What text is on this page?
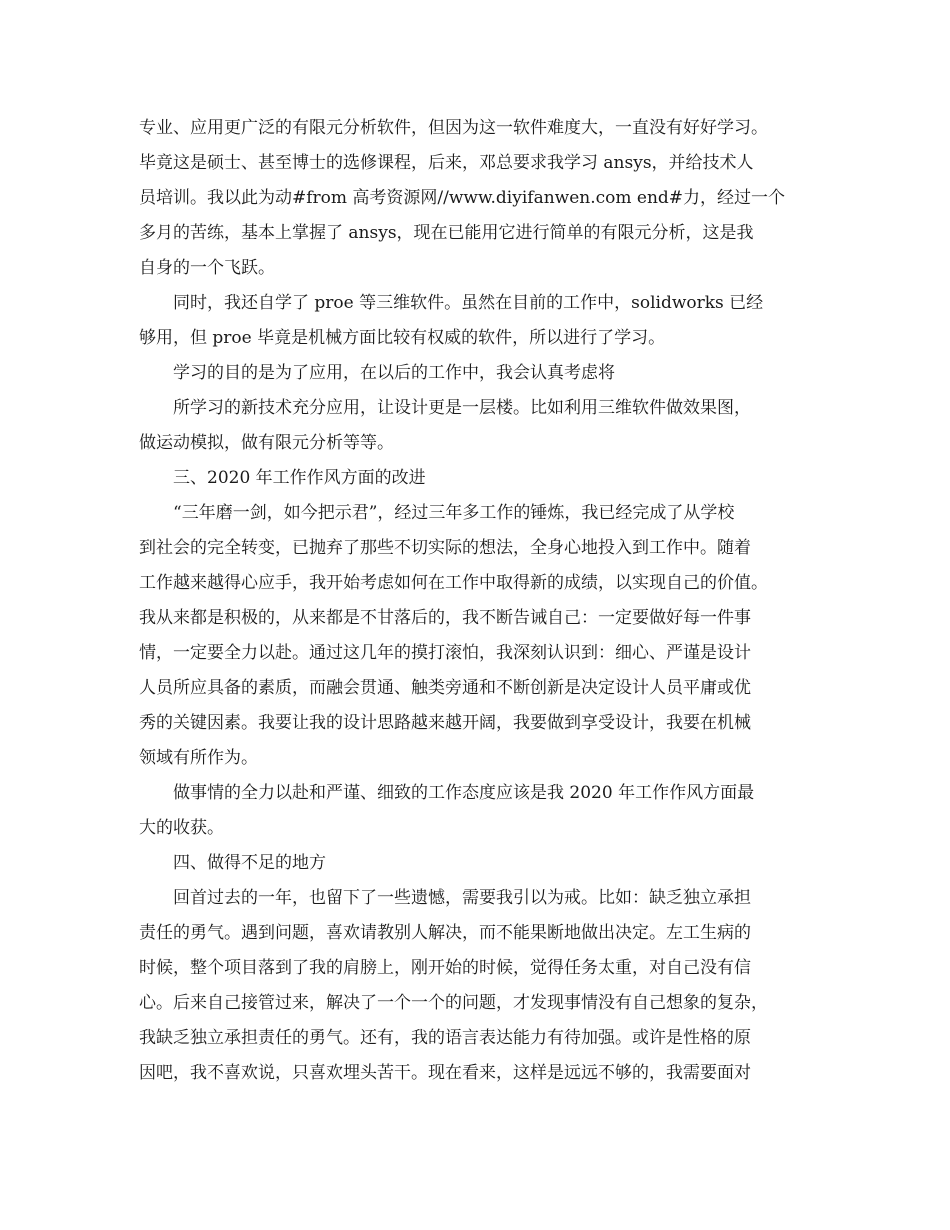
专业、应用更广泛的有限元分析软件，但因为这一软件难度大，一直没有好好学习。
毕竟这是硕士、甚至博士的选修课程，后来，邓总要求我学习 ansys，并给技术人
员培训。我以此为动#from 高考资源网//www.diyifanwen.com end#力，经过一个
多月的苦练，基本上掌握了 ansys，现在已能用它进行简单的有限元分析，这是我
自身的一个飞跃。
同时，我还自学了 proe 等三维软件。虽然在目前的工作中，solidworks 已经
够用，但 proe 毕竟是机械方面比较有权威的软件，所以进行了学习。
学习的目的是为了应用，在以后的工作中，我会认真考虑将
所学习的新技术充分应用，让设计更是一层楼。比如利用三维软件做效果图，
做运动模拟，做有限元分析等等。
三、2020 年工作作风方面的改进
“三年磨一剑，如今把示君”，经过三年多工作的锤炼，我已经完成了从学校
到社会的完全转变，已抛弃了那些不切实际的想法，全身心地投入到工作中。随着
工作越来越得心应手，我开始考虑如何在工作中取得新的成绩，以实现自己的价值。
我从来都是积极的，从来都是不甘落后的，我不断告诫自己：一定要做好每一件事
情，一定要全力以赴。通过这几年的摸打滚怕，我深刻认识到：细心、严谨是设计
人员所应具备的素质，而融会贯通、触类旁通和不断创新是决定设计人员平庸或优
秀的关键因素。我要让我的设计思路越来越开阔，我要做到享受设计，我要在机械
领域有所作为。
做事情的全力以赴和严谨、细致的工作态度应该是我 2020 年工作作风方面最
大的收获。
四、做得不足的地方
回首过去的一年，也留下了一些遗憾，需要我引以为戒。比如：缺乏独立承担
责任的勇气。遇到问题，喜欢请教别人解决，而不能果断地做出决定。左工生病的
时候，整个项目落到了我的肩膀上，刚开始的时候，觉得任务太重，对自己没有信
心。后来自己接管过来，解决了一个一个的问题，才发现事情没有自己想象的复杂，
我缺乏独立承担责任的勇气。还有，我的语言表达能力有待加强。或许是性格的原
因吧，我不喜欢说，只喜欢埋头苦干。现在看来，这样是远远不够的，我需要面对
